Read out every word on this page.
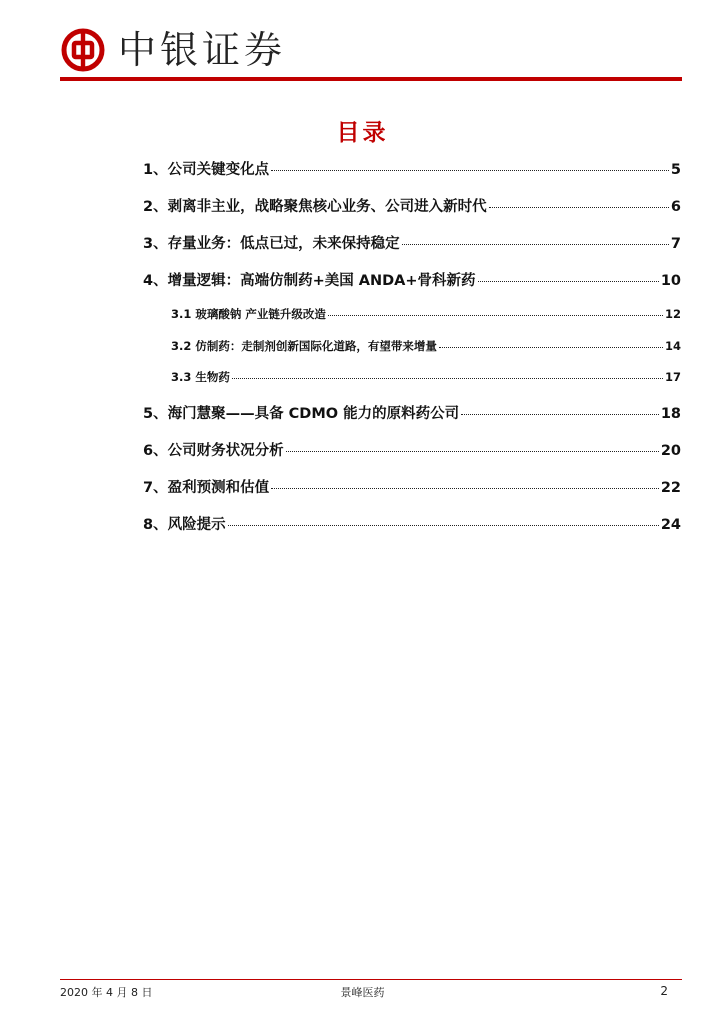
中银证券
目录
1、公司关键变化点	5
2、剥离非主业，战略聚焦核心业务、公司进入新时代	6
3、存量业务：低点已过，未来保持稳定	7
4、增量逻辑：高端仿制药+美国 ANDA+骨科新药	10
3.1 玻璃酸钠 产业链升级改造	12
3.2 仿制药：走制剂创新国际化道路，有望带来增量	14
3.3 生物药	17
5、海门慧聚——具备 CDMO 能力的原料药公司	18
6、公司财务状况分析	20
7、盈利预测和估值	22
8、风险提示	24
2020 年 4 月 8 日	景峰医药	2
